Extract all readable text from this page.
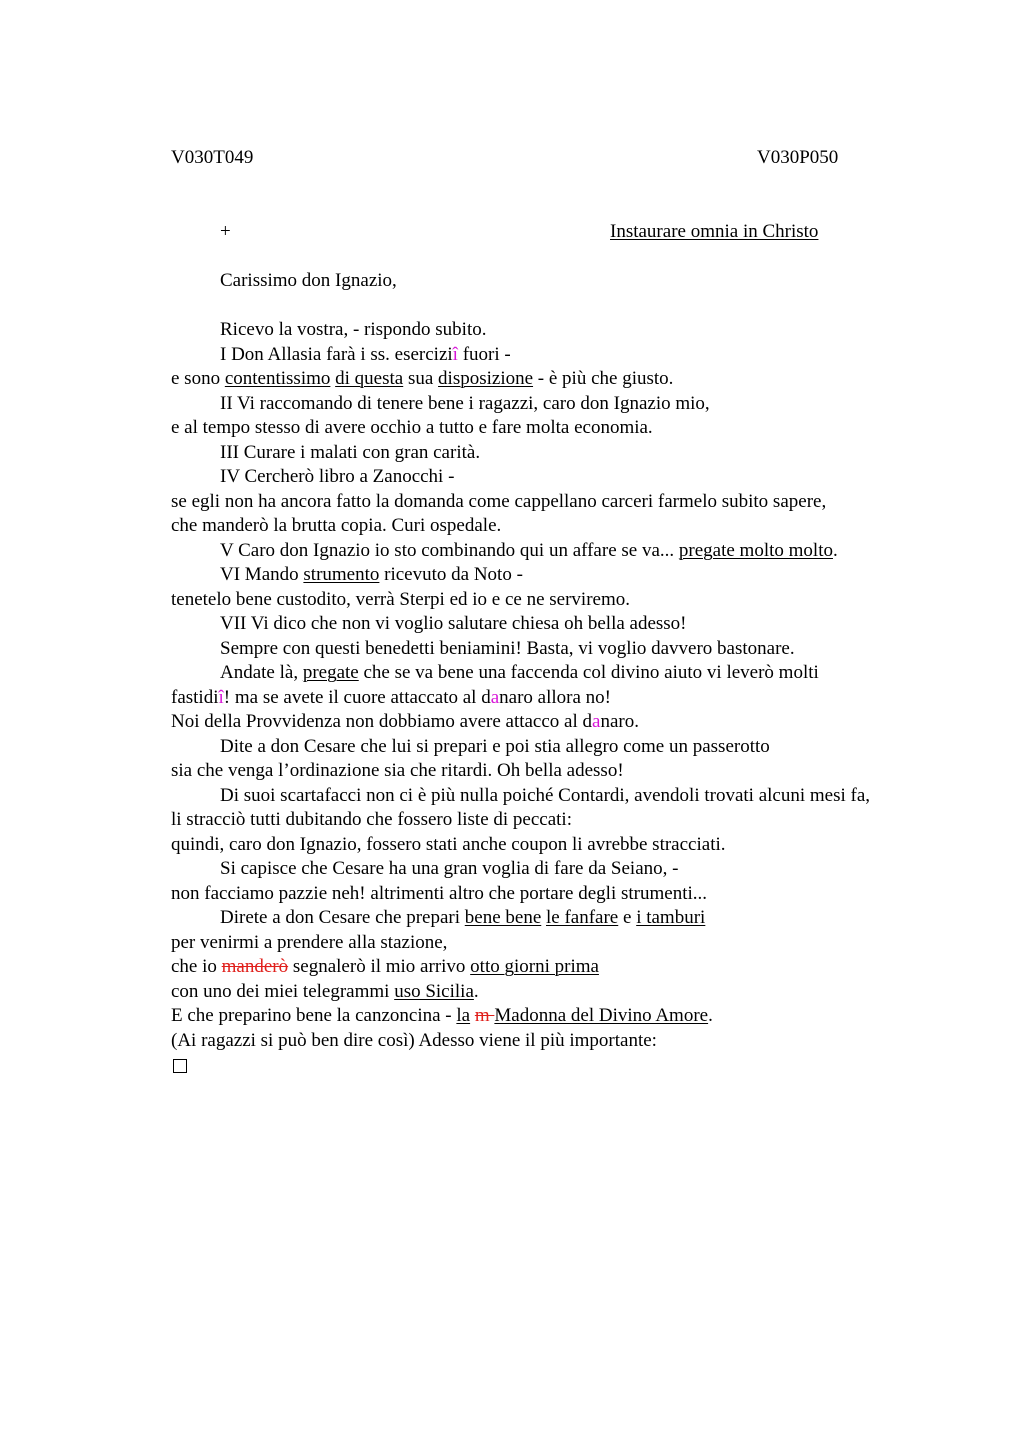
V030T049	V030P050
+	Instaurare omnia in Christo
Carissimo don Ignazio,
Ricevo la vostra, - rispondo subito.
I Don Allasia farà i ss. eserciziî fuori -
e sono contentissimo di questa sua disposizione - è più che giusto.
II Vi raccomando di tenere bene i ragazzi, caro don Ignazio mio,
e al tempo stesso di avere occhio a tutto e fare molta economia.
III Curare i malati con gran carità.
IV Cercherò libro a Zanocchi -
se egli non ha ancora fatto la domanda come cappellano carceri farmelo subito sapere,
che manderò la brutta copia. Curi ospedale.
V Caro don Ignazio io sto combinando qui un affare se va... pregate molto molto.
VI Mando strumento ricevuto da Noto -
tenetelo bene custodito, verrà Sterpi ed io e ce ne serviremo.
VII Vi dico che non vi voglio salutare chiesa oh bella adesso!
Sempre con questi benedetti beniamini! Basta, vi voglio davvero bastonare.
Andate là, pregate che se va bene una faccenda col divino aiuto vi leverò molti
fastidiî! ma se avete il cuore attaccato al danaro allora no!
Noi della Provvidenza non dobbiamo avere attacco al danaro.
Dite a don Cesare che lui si prepari e poi stia allegro come un passerotto
sia che venga l’ordinazione sia che ritardi. Oh bella adesso!
Di suoi scartafacci non ci è più nulla poiché Contardi, avendoli trovati alcuni mesi fa,
li stracciò tutti dubitando che fossero liste di peccati:
quindi, caro don Ignazio, fossero stati anche coupon li avrebbe stracciati.
Si capisce che Cesare ha una gran voglia di fare da Seiano, -
non facciamo pazzie neh! altrimenti altro che portare degli strumenti...
Direte a don Cesare che prepari bene bene le fanfare e i tamburi
per venirmi a prendere alla stazione,
che io manderò segnalerò il mio arrivo otto giorni prima
con uno dei miei telegrammi uso Sicilia.
E che preparino bene la canzoncina - la m Madonna del Divino Amore.
(Ai ragazzi si può ben dire così) Adesso viene il più importante:
